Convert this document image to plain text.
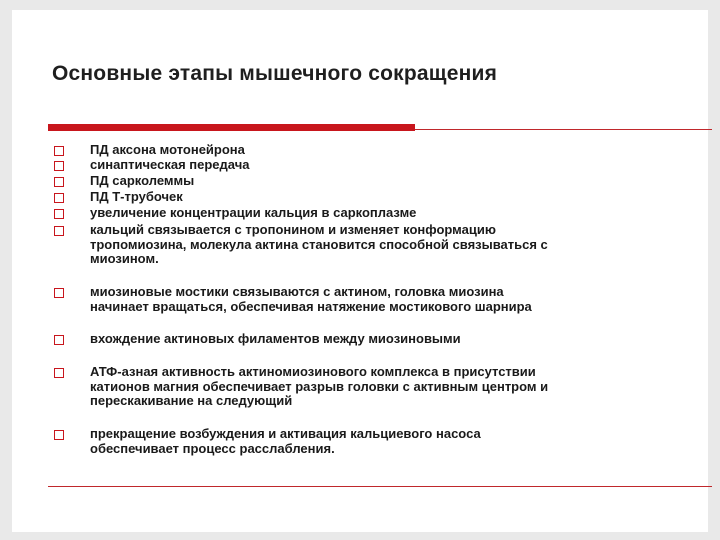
Основные этапы мышечного сокращения
ПД аксона мотонейрона
синаптическая передача
ПД сарколеммы
ПД Т-трубочек
увеличение концентрации кальция в саркоплазме
кальций связывается с тропонином и изменяет конформацию
тропомиозина, молекула актина становится способной связываться с
миозином.
миозиновые мостики связываются с актином, головка миозина
начинает вращаться, обеспечивая натяжение мостикового шарнира
вхождение актиновых филаментов между миозиновыми
АТФ-азная активность актиномиозинового комплекса в присутствии
катионов магния обеспечивает разрыв головки с активным центром и
перескакивание на следующий
прекращение возбуждения и активация кальциевого насоса
обеспечивает процесс расслабления.
